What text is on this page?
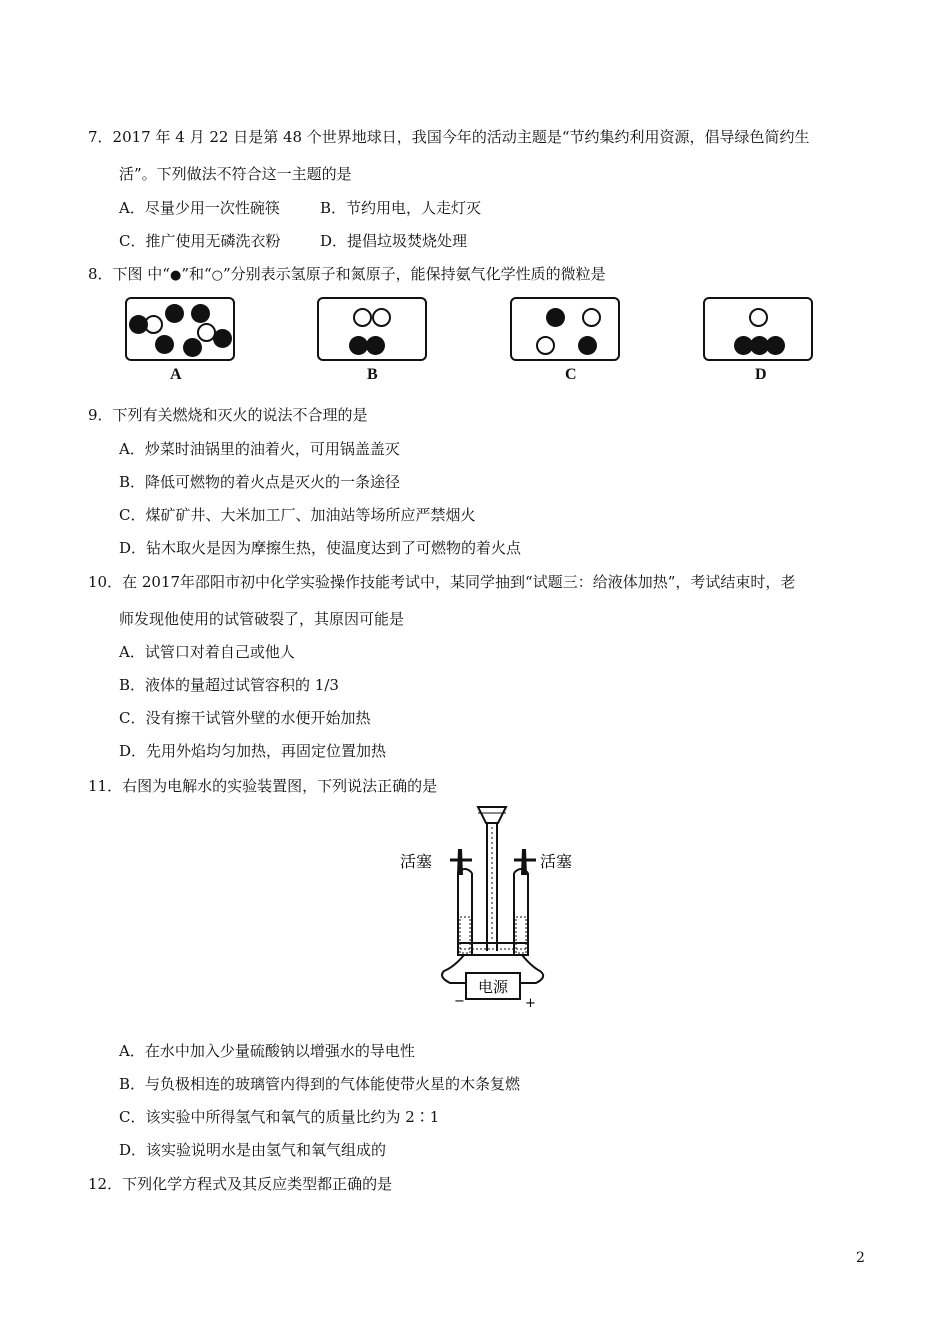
7．2017 年 4 月 22 日是第 48 个世界地球日，我国今年的活动主题是“节约集约利用资源，倡导绿色简约生
活”。下列做法不符合这一主题的是
A．尽量少用一次性碗筷	B．节约用电，人走灯灭
C．推广使用无磷洗衣粉	D．提倡垃圾焚烧处理
8．下图 中“●”和“○”分别表示氢原子和氮原子，能保持氨气化学性质的微粒是
A	B	C	D
9．下列有关燃烧和灭火的说法不合理的是
A．炒菜时油锅里的油着火，可用锅盖盖灭
B．降低可燃物的着火点是灭火的一条途径
C．煤矿矿井、大米加工厂、加油站等场所应严禁烟火
D．钻木取火是因为摩擦生热，使温度达到了可燃物的着火点
10．在 2017年邵阳市初中化学实验操作技能考试中，某同学抽到“试题三：给液体加热”，考试结束时，老
师发现他使用的试管破裂了，其原因可能是
A．试管口对着自己或他人
B．液体的量超过试管容积的 1/3
C．没有擦干试管外壁的水便开始加热
D．先用外焰均匀加热，再固定位置加热
11．右图为电解水的实验装置图，下列说法正确的是
电源
−	+
活塞	活塞
A．在水中加入少量硫酸钠以增强水的导电性
B．与负极相连的玻璃管内得到的气体能使带火星的木条复燃
C．该实验中所得氢气和氧气的质量比约为 2∶1
D．该实验说明水是由氢气和氧气组成的
12．下列化学方程式及其反应类型都正确的是
2
